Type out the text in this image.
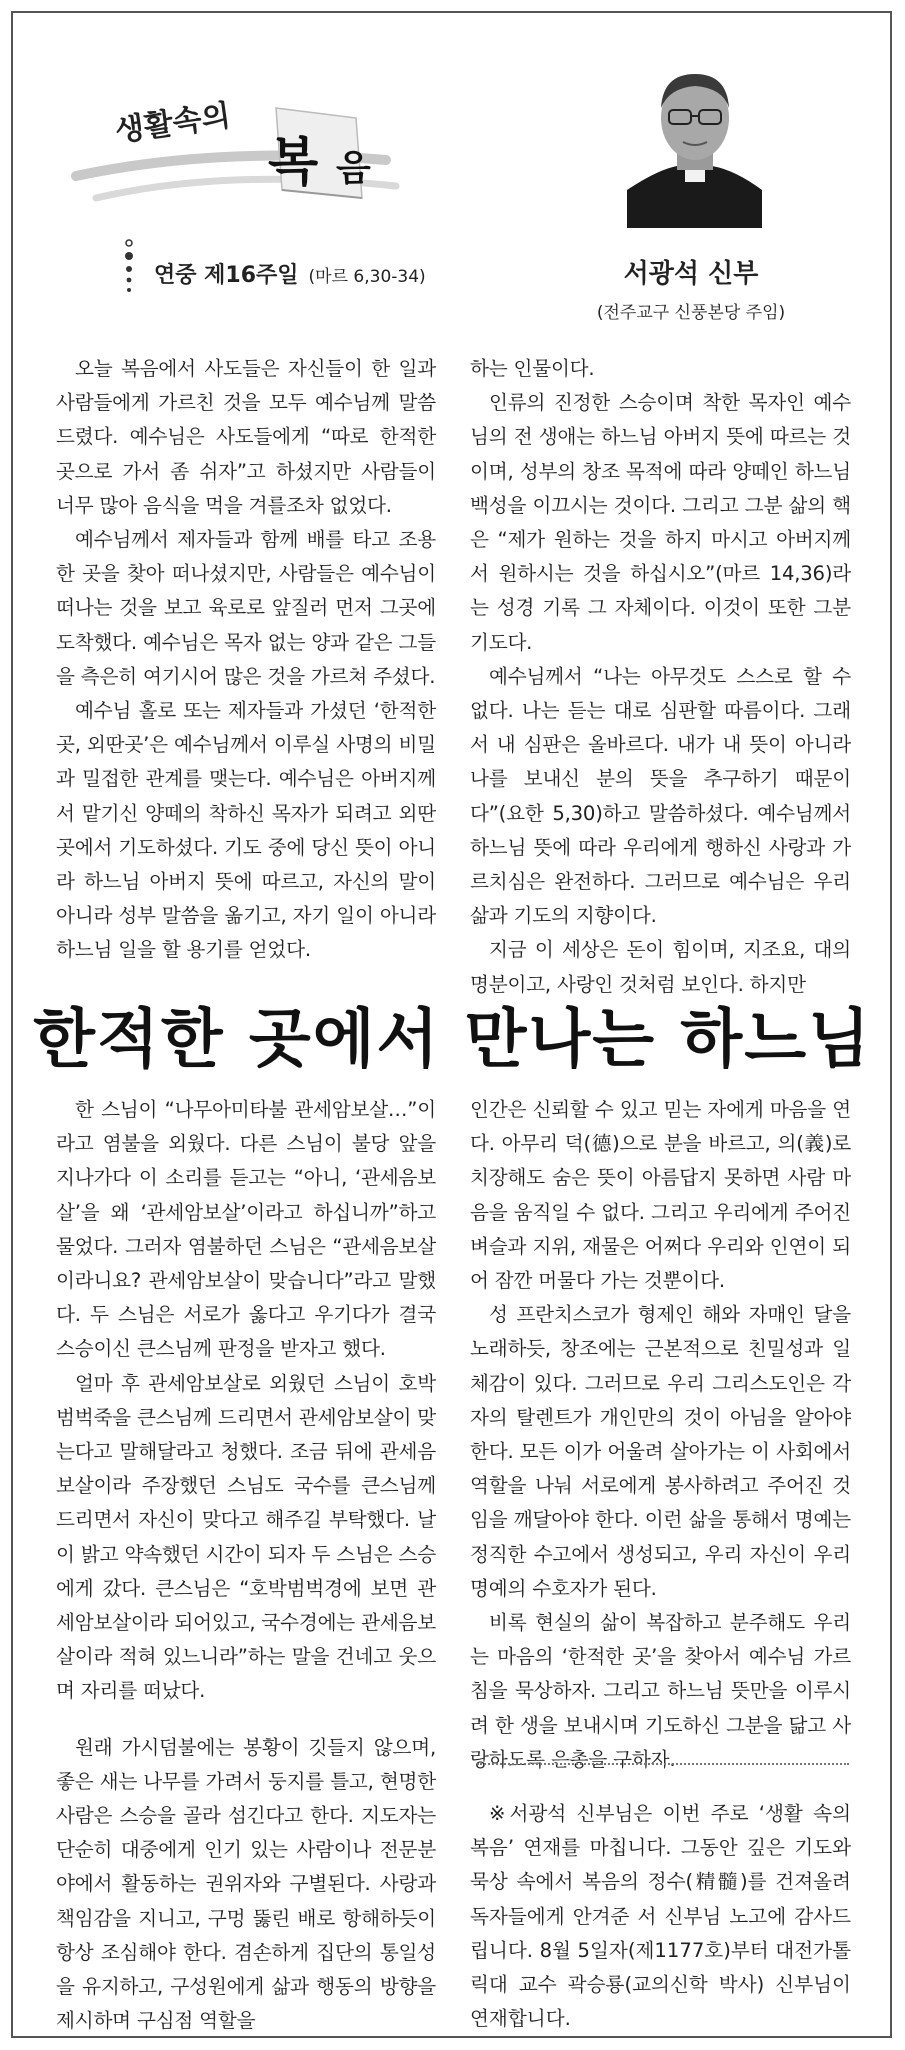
생활속의
복 음
연중 제16주일 (마르 6,30-34)	서광석 신부
(전주교구 신풍본당 주임)

오늘 복음에서 사도들은 자신들이 한 일과 사람들에게 가르친 것을 모두 예수님께 말씀드렸다. 예수님은 사도들에게 “따로 한적한 곳으로 가서 좀 쉬자”고 하셨지만 사람들이 너무 많아 음식을 먹을 겨를조차 없었다.

예수님께서 제자들과 함께 배를 타고 조용한 곳을 찾아 떠나셨지만, 사람들은 예수님이 떠나는 것을 보고 육로로 앞질러 먼저 그곳에 도착했다. 예수님은 목자 없는 양과 같은 그들을 측은히 여기시어 많은 것을 가르쳐 주셨다.

예수님 홀로 또는 제자들과 가셨던 ‘한적한 곳, 외딴곳’은 예수님께서 이루실 사명의 비밀과 밀접한 관계를 맺는다. 예수님은 아버지께서 맡기신 양떼의 착하신 목자가 되려고 외딴곳에서 기도하셨다. 기도 중에 당신 뜻이 아니라 하느님 아버지 뜻에 따르고, 자신의 말이 아니라 성부 말씀을 옮기고, 자기 일이 아니라 하느님 일을 할 용기를 얻었다.

하는 인물이다.

인류의 진정한 스승이며 착한 목자인 예수님의 전 생애는 하느님 아버지 뜻에 따르는 것이며, 성부의 창조 목적에 따라 양떼인 하느님 백성을 이끄시는 것이다. 그리고 그분 삶의 핵은 “제가 원하는 것을 하지 마시고 아버지께서 원하시는 것을 하십시오”(마르 14,36)라는 성경 기록 그 자체이다. 이것이 또한 그분 기도다.

예수님께서 “나는 아무것도 스스로 할 수 없다. 나는 듣는 대로 심판할 따름이다. 그래서 내 심판은 올바르다. 내가 내 뜻이 아니라 나를 보내신 분의 뜻을 추구하기 때문이다”(요한 5,30)하고 말씀하셨다. 예수님께서 하느님 뜻에 따라 우리에게 행하신 사랑과 가르치심은 완전하다. 그러므로 예수님은 우리 삶과 기도의 지향이다.

지금 이 세상은 돈이 힘이며, 지조요, 대의명분이고, 사랑인 것처럼 보인다. 하지만

한적한 곳에서 만나는 하느님

한 스님이 “나무아미타불 관세암보살…”이라고 염불을 외웠다. 다른 스님이 불당 앞을 지나가다 이 소리를 듣고는 “아니, ‘관세음보살’을 왜 ‘관세암보살’이라고 하십니까”하고 물었다. 그러자 염불하던 스님은 “관세음보살이라니요? 관세암보살이 맞습니다”라고 말했다. 두 스님은 서로가 옳다고 우기다가 결국 스승이신 큰스님께 판정을 받자고 했다.

얼마 후 관세암보살로 외웠던 스님이 호박범벅죽을 큰스님께 드리면서 관세암보살이 맞는다고 말해달라고 청했다. 조금 뒤에 관세음보살이라 주장했던 스님도 국수를 큰스님께 드리면서 자신이 맞다고 해주길 부탁했다. 날이 밝고 약속했던 시간이 되자 두 스님은 스승에게 갔다. 큰스님은 “호박범벅경에 보면 관세암보살이라 되어있고, 국수경에는 관세음보살이라 적혀 있느니라”하는 말을 건네고 웃으며 자리를 떠났다.

원래 가시덤불에는 봉황이 깃들지 않으며, 좋은 새는 나무를 가려서 둥지를 틀고, 현명한 사람은 스승을 골라 섬긴다고 한다. 지도자는 단순히 대중에게 인기 있는 사람이나 전문분야에서 활동하는 권위자와 구별된다. 사랑과 책임감을 지니고, 구멍 뚫린 배로 항해하듯이 항상 조심해야 한다. 겸손하게 집단의 통일성을 유지하고, 구성원에게 삶과 행동의 방향을 제시하며 구심점 역할을

인간은 신뢰할 수 있고 믿는 자에게 마음을 연다. 아무리 덕(德)으로 분을 바르고, 의(義)로 치장해도 숨은 뜻이 아름답지 못하면 사람 마음을 움직일 수 없다. 그리고 우리에게 주어진 벼슬과 지위, 재물은 어쩌다 우리와 인연이 되어 잠깐 머물다 가는 것뿐이다.

성 프란치스코가 형제인 해와 자매인 달을 노래하듯, 창조에는 근본적으로 친밀성과 일체감이 있다. 그러므로 우리 그리스도인은 각자의 탈렌트가 개인만의 것이 아님을 알아야 한다. 모든 이가 어울려 살아가는 이 사회에서 역할을 나눠 서로에게 봉사하려고 주어진 것임을 깨달아야 한다. 이런 삶을 통해서 명예는 정직한 수고에서 생성되고, 우리 자신이 우리 명예의 수호자가 된다.

비록 현실의 삶이 복잡하고 분주해도 우리는 마음의 ‘한적한 곳’을 찾아서 예수님 가르침을 묵상하자. 그리고 하느님 뜻만을 이루시려 한 생을 보내시며 기도하신 그분을 닮고 사랑하도록 은총을 구하자.

※서광석 신부님은 이번 주로 ‘생활 속의 복음’ 연재를 마칩니다. 그동안 깊은 기도와 묵상 속에서 복음의 정수(精髓)를 건져올려 독자들에게 안겨준 서 신부님 노고에 감사드립니다. 8월 5일자(제1177호)부터 대전가톨릭대 교수 곽승룡(교의신학 박사) 신부님이 연재합니다.
